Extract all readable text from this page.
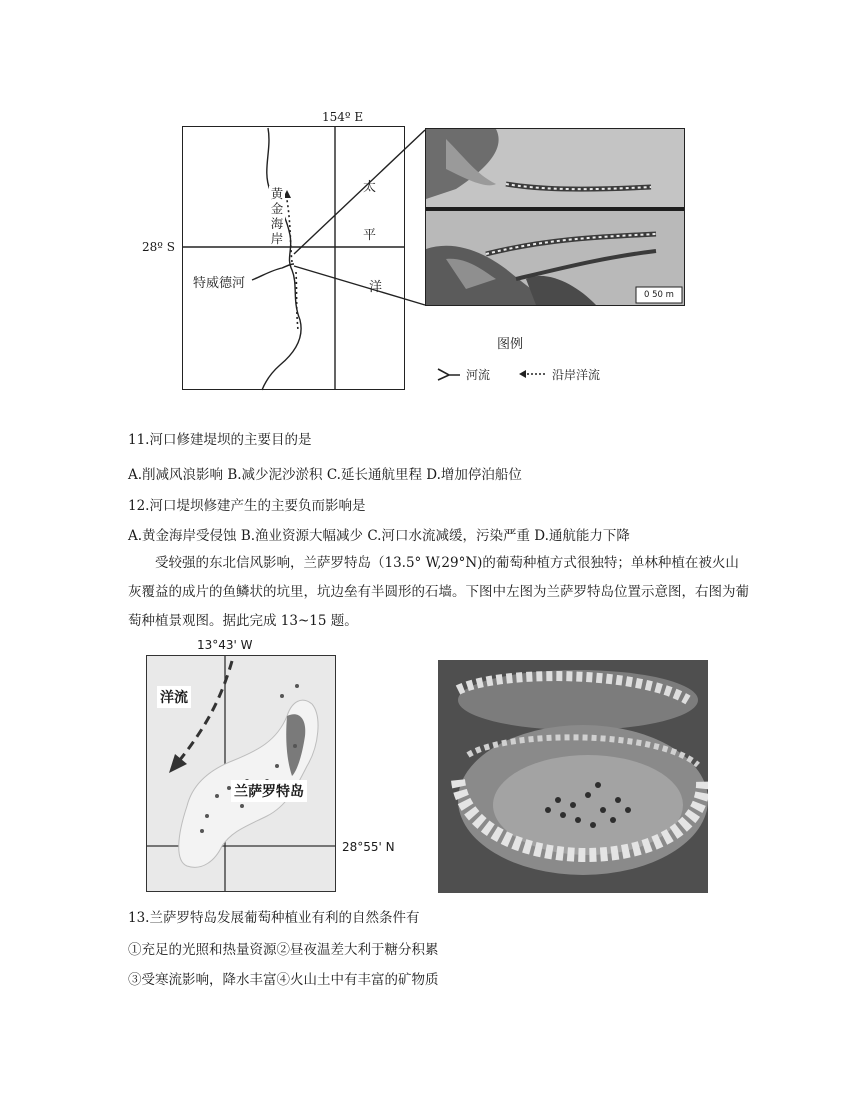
154º E
太
平
洋
黄
金
海
岸
28º S
特威德河
0 50 m
图例
河流	沿岸洋流
11.河口修建堤坝的主要目的是
A.削减风浪影响 B.减少泥沙淤积 C.延长通航里程 D.增加停泊船位
12.河口堤坝修建产生的主要负而影响是
A.黄金海岸受侵蚀 B.渔业资源大幅减少 C.河口水流减缓，污染严重 D.通航能力下降
受较强的东北信风影响，兰萨罗特岛（13.5° W,29°N)的葡萄种植方式很独特；单林种植在被火山灰覆益的成片的鱼鳞状的坑里，坑边垒有半圆形的石墙。下图中左图为兰萨罗特岛位置示意图，右图为葡萄种植景观图。据此完成 13~15 题。
13°43' W
洋流
兰萨罗特岛
28°55' N
13.兰萨罗特岛发展葡萄种植业有利的自然条件有
①充足的光照和热量资源②昼夜温差大利于糖分积累
③受寒流影响，降水丰富④火山土中有丰富的矿物质
